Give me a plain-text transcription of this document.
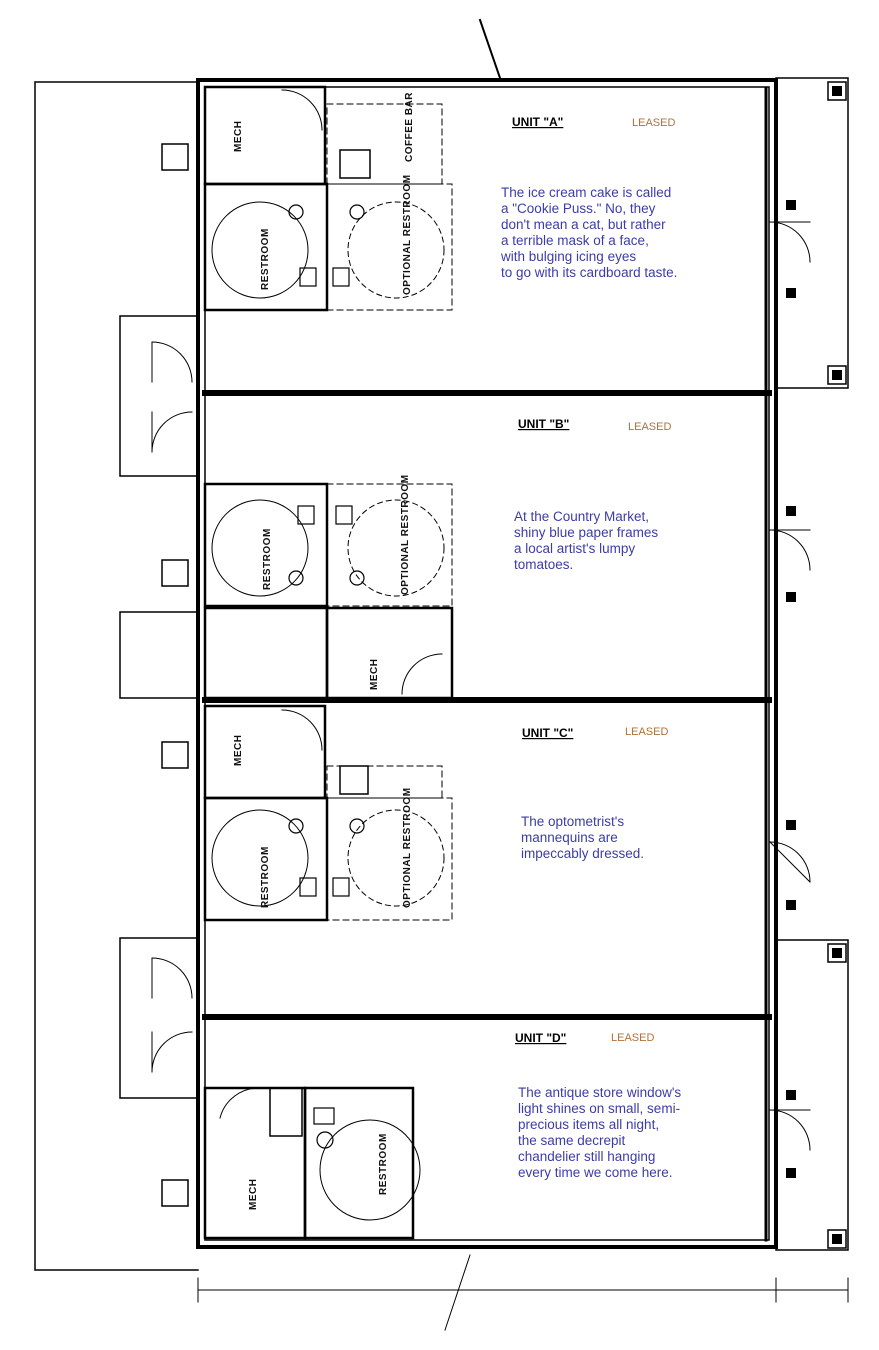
UNIT "A"	LEASED
UNIT "B"	LEASED
UNIT "C"	LEASED
UNIT "D"	LEASED
MECH
RESTROOM	OPTIONAL RESTROOM
COFFEE BAR
RESTROOM	OPTIONAL RESTROOM
MECH
MECH
RESTROOM	OPTIONAL RESTROOM
MECH	RESTROOM
The ice cream cake is called
a "Cookie Puss." No, they
don't mean a cat, but rather
a terrible mask of a face,
with bulging icing eyes
to go with its cardboard taste.
At the Country Market,
shiny blue paper frames
a local artist's lumpy
tomatoes.
The optometrist's
mannequins are
impeccably dressed.
The antique store window's
light shines on small, semi-
precious items all night,
the same decrepit
chandelier still hanging
every time we come here.
